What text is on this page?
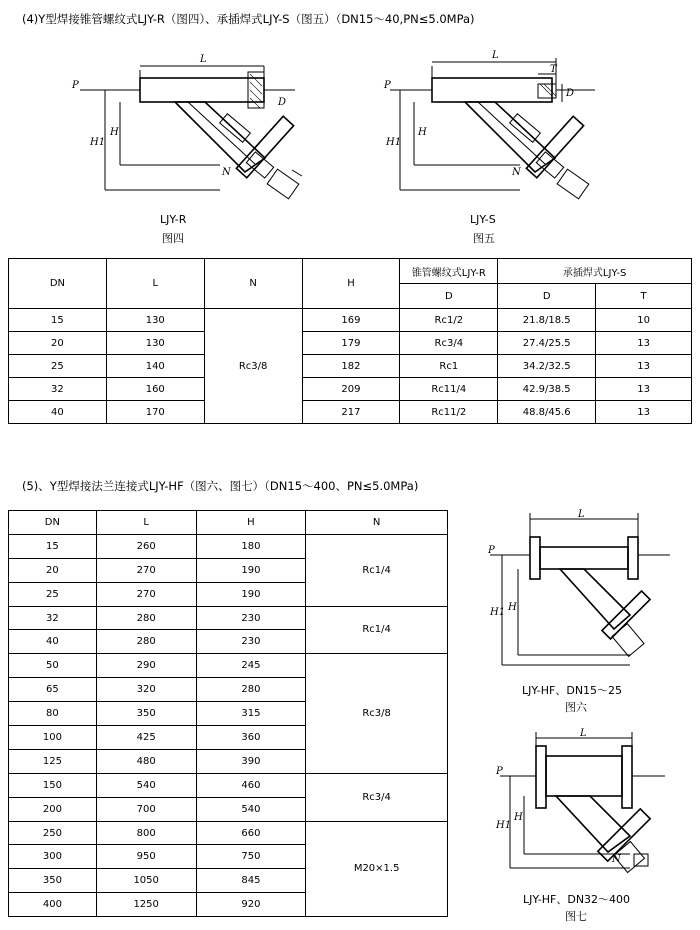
(4)Y型焊接锥管螺纹式LJY-R（图四）、承插焊式LJY-S（图五）（DN15～40,PN≤5.0MPa)
P
H1
H
L
D
N
LJY-R
图四
P
H1
H
L
T
D
N
LJY-S
图五
DN	L	N	H	锥管螺纹式LJY-R	承插焊式LJY-S	
				D	D	T
15	130	Rc3/8	169	Rc1/2	21.8/18.5	10
20	130		179	Rc3/4	27.4/25.5	13
25	140		182	Rc1	34.2/32.5	13
32	160		209	Rc11/4	42.9/38.5	13
40	170		217	Rc11/2	48.8/45.6	13
(5)、Y型焊接法兰连接式LJY-HF（图六、图七）（DN15～400、PN≤5.0MPa)
DN	L	H	N
15	260	180	Rc1/4
20	270	190	
25	270	190	
32	280	230	Rc1/4
40	280	230	
50	290	245	Rc3/8
65	320	280	
80	350	315	
100	425	360	
125	480	390	
150	540	460	Rc3/4
200	700	540	
250	800	660	M20×1.5
300	950	750	
350	1050	845	
400	1250	920	
L
P
H1 H
LJY-HF、DN15～25
图六
L
P
H1
H
N
LJY-HF、DN32～400
图七
